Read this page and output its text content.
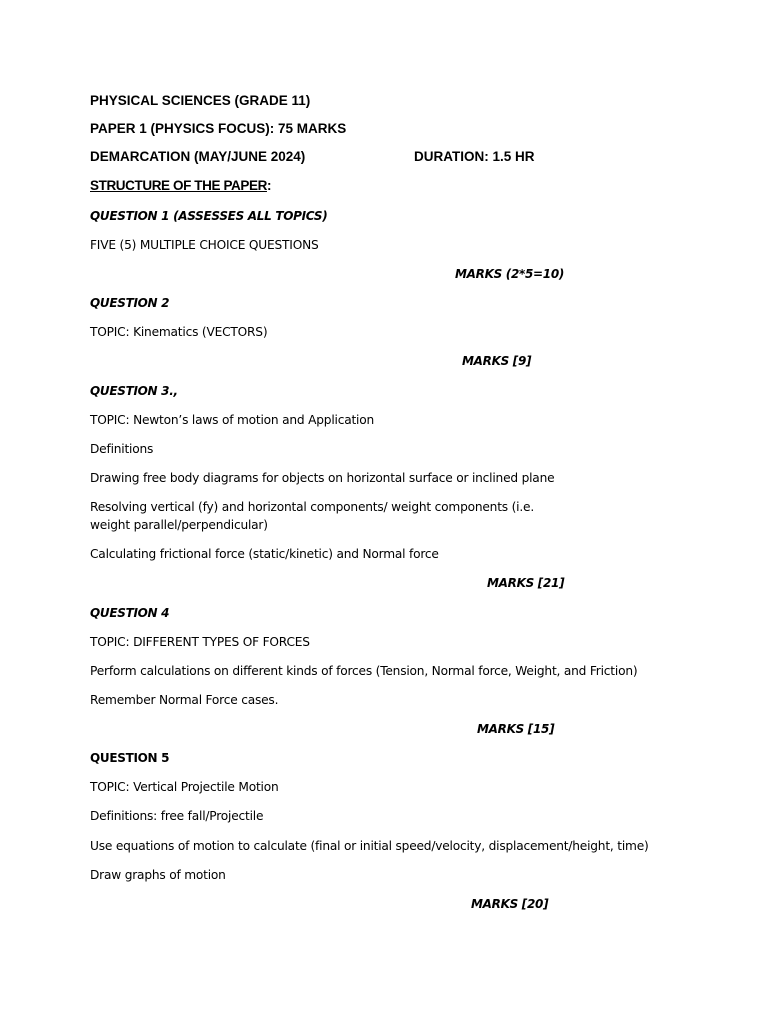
PHYSICAL SCIENCES (GRADE 11)
PAPER 1 (PHYSICS FOCUS): 75 MARKS
DEMARCATION (MAY/JUNE 2024)	DURATION: 1.5 HR
STRUCTURE OF THE PAPER:
QUESTION 1 (ASSESSES ALL TOPICS)
FIVE (5) MULTIPLE CHOICE QUESTIONS
MARKS (2*5=10)
QUESTION 2
TOPIC: Kinematics (VECTORS)
MARKS [9]
QUESTION 3.,
TOPIC: Newton’s laws of motion and Application
Definitions
Drawing free body diagrams for objects on horizontal surface or inclined plane
Resolving vertical (fy) and horizontal components/ weight components (i.e. weight parallel/perpendicular)
Calculating frictional force (static/kinetic) and Normal force
MARKS [21]
QUESTION 4
TOPIC: DIFFERENT TYPES OF FORCES
Perform calculations on different kinds of forces (Tension, Normal force, Weight, and Friction)
Remember Normal Force cases.
MARKS [15]
QUESTION 5
TOPIC: Vertical Projectile Motion
Definitions: free fall/Projectile
Use equations of motion to calculate (final or initial speed/velocity, displacement/height, time)
Draw graphs of motion
MARKS [20]
